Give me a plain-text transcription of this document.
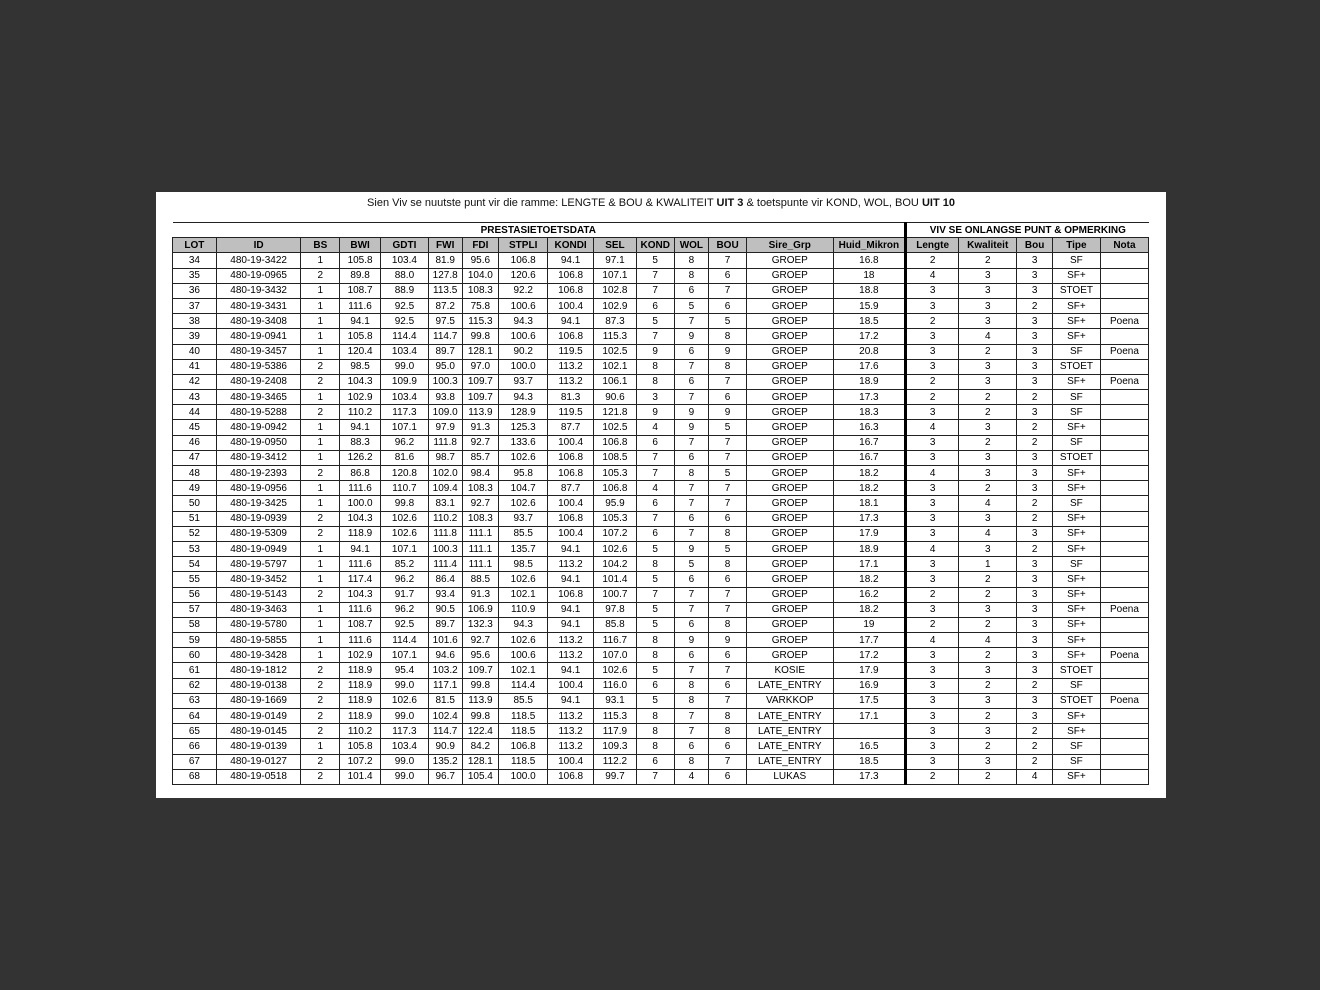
Sien Viv se nuutste punt vir die ramme: LENGTE & BOU & KWALITEIT UIT 3 & toetspunte vir KOND, WOL, BOU UIT 10
PRESTASIETOETSDATA															VIV SE ONLANGSE PUNT & OPMERKING				
LOT	ID	BS	BWI	GDTI	FWI	FDI	STPLI	KONDI	SEL	KOND	WOL	BOU	Sire_Grp	Huid_Mikron	Lengte	Kwaliteit	Bou	Tipe	Nota
34	480-19-3422	1	105.8	103.4	81.9	95.6	106.8	94.1	97.1	5	8	7	GROEP	16.8	2	2	3	SF	
35	480-19-0965	2	89.8	88.0	127.8	104.0	120.6	106.8	107.1	7	8	6	GROEP	18	4	3	3	SF+	
36	480-19-3432	1	108.7	88.9	113.5	108.3	92.2	106.8	102.8	7	6	7	GROEP	18.8	3	3	3	STOET	
37	480-19-3431	1	111.6	92.5	87.2	75.8	100.6	100.4	102.9	6	5	6	GROEP	15.9	3	3	2	SF+	
38	480-19-3408	1	94.1	92.5	97.5	115.3	94.3	94.1	87.3	5	7	5	GROEP	18.5	2	3	3	SF+	Poena
39	480-19-0941	1	105.8	114.4	114.7	99.8	100.6	106.8	115.3	7	9	8	GROEP	17.2	3	4	3	SF+	
40	480-19-3457	1	120.4	103.4	89.7	128.1	90.2	119.5	102.5	9	6	9	GROEP	20.8	3	2	3	SF	Poena
41	480-19-5386	2	98.5	99.0	95.0	97.0	100.0	113.2	102.1	8	7	8	GROEP	17.6	3	3	3	STOET	
42	480-19-2408	2	104.3	109.9	100.3	109.7	93.7	113.2	106.1	8	6	7	GROEP	18.9	2	3	3	SF+	Poena
43	480-19-3465	1	102.9	103.4	93.8	109.7	94.3	81.3	90.6	3	7	6	GROEP	17.3	2	2	2	SF	
44	480-19-5288	2	110.2	117.3	109.0	113.9	128.9	119.5	121.8	9	9	9	GROEP	18.3	3	2	3	SF	
45	480-19-0942	1	94.1	107.1	97.9	91.3	125.3	87.7	102.5	4	9	5	GROEP	16.3	4	3	2	SF+	
46	480-19-0950	1	88.3	96.2	111.8	92.7	133.6	100.4	106.8	6	7	7	GROEP	16.7	3	2	2	SF	
47	480-19-3412	1	126.2	81.6	98.7	85.7	102.6	106.8	108.5	7	6	7	GROEP	16.7	3	3	3	STOET	
48	480-19-2393	2	86.8	120.8	102.0	98.4	95.8	106.8	105.3	7	8	5	GROEP	18.2	4	3	3	SF+	
49	480-19-0956	1	111.6	110.7	109.4	108.3	104.7	87.7	106.8	4	7	7	GROEP	18.2	3	2	3	SF+	
50	480-19-3425	1	100.0	99.8	83.1	92.7	102.6	100.4	95.9	6	7	7	GROEP	18.1	3	4	2	SF	
51	480-19-0939	2	104.3	102.6	110.2	108.3	93.7	106.8	105.3	7	6	6	GROEP	17.3	3	3	2	SF+	
52	480-19-5309	2	118.9	102.6	111.8	111.1	85.5	100.4	107.2	6	7	8	GROEP	17.9	3	4	3	SF+	
53	480-19-0949	1	94.1	107.1	100.3	111.1	135.7	94.1	102.6	5	9	5	GROEP	18.9	4	3	2	SF+	
54	480-19-5797	1	111.6	85.2	111.4	111.1	98.5	113.2	104.2	8	5	8	GROEP	17.1	3	1	3	SF	
55	480-19-3452	1	117.4	96.2	86.4	88.5	102.6	94.1	101.4	5	6	6	GROEP	18.2	3	2	3	SF+	
56	480-19-5143	2	104.3	91.7	93.4	91.3	102.1	106.8	100.7	7	7	7	GROEP	16.2	2	2	3	SF+	
57	480-19-3463	1	111.6	96.2	90.5	106.9	110.9	94.1	97.8	5	7	7	GROEP	18.2	3	3	3	SF+	Poena
58	480-19-5780	1	108.7	92.5	89.7	132.3	94.3	94.1	85.8	5	6	8	GROEP	19	2	2	3	SF+	
59	480-19-5855	1	111.6	114.4	101.6	92.7	102.6	113.2	116.7	8	9	9	GROEP	17.7	4	4	3	SF+	
60	480-19-3428	1	102.9	107.1	94.6	95.6	100.6	113.2	107.0	8	6	6	GROEP	17.2	3	2	3	SF+	Poena
61	480-19-1812	2	118.9	95.4	103.2	109.7	102.1	94.1	102.6	5	7	7	KOSIE	17.9	3	3	3	STOET	
62	480-19-0138	2	118.9	99.0	117.1	99.8	114.4	100.4	116.0	6	8	6	LATE_ENTRY	16.9	3	2	2	SF	
63	480-19-1669	2	118.9	102.6	81.5	113.9	85.5	94.1	93.1	5	8	7	VARKKOP	17.5	3	3	3	STOET	Poena
64	480-19-0149	2	118.9	99.0	102.4	99.8	118.5	113.2	115.3	8	7	8	LATE_ENTRY	17.1	3	2	3	SF+	
65	480-19-0145	2	110.2	117.3	114.7	122.4	118.5	113.2	117.9	8	7	8	LATE_ENTRY		3	3	2	SF+	
66	480-19-0139	1	105.8	103.4	90.9	84.2	106.8	113.2	109.3	8	6	6	LATE_ENTRY	16.5	3	2	2	SF	
67	480-19-0127	2	107.2	99.0	135.2	128.1	118.5	100.4	112.2	6	8	7	LATE_ENTRY	18.5	3	3	2	SF	
68	480-19-0518	2	101.4	99.0	96.7	105.4	100.0	106.8	99.7	7	4	6	LUKAS	17.3	2	2	4	SF+	
